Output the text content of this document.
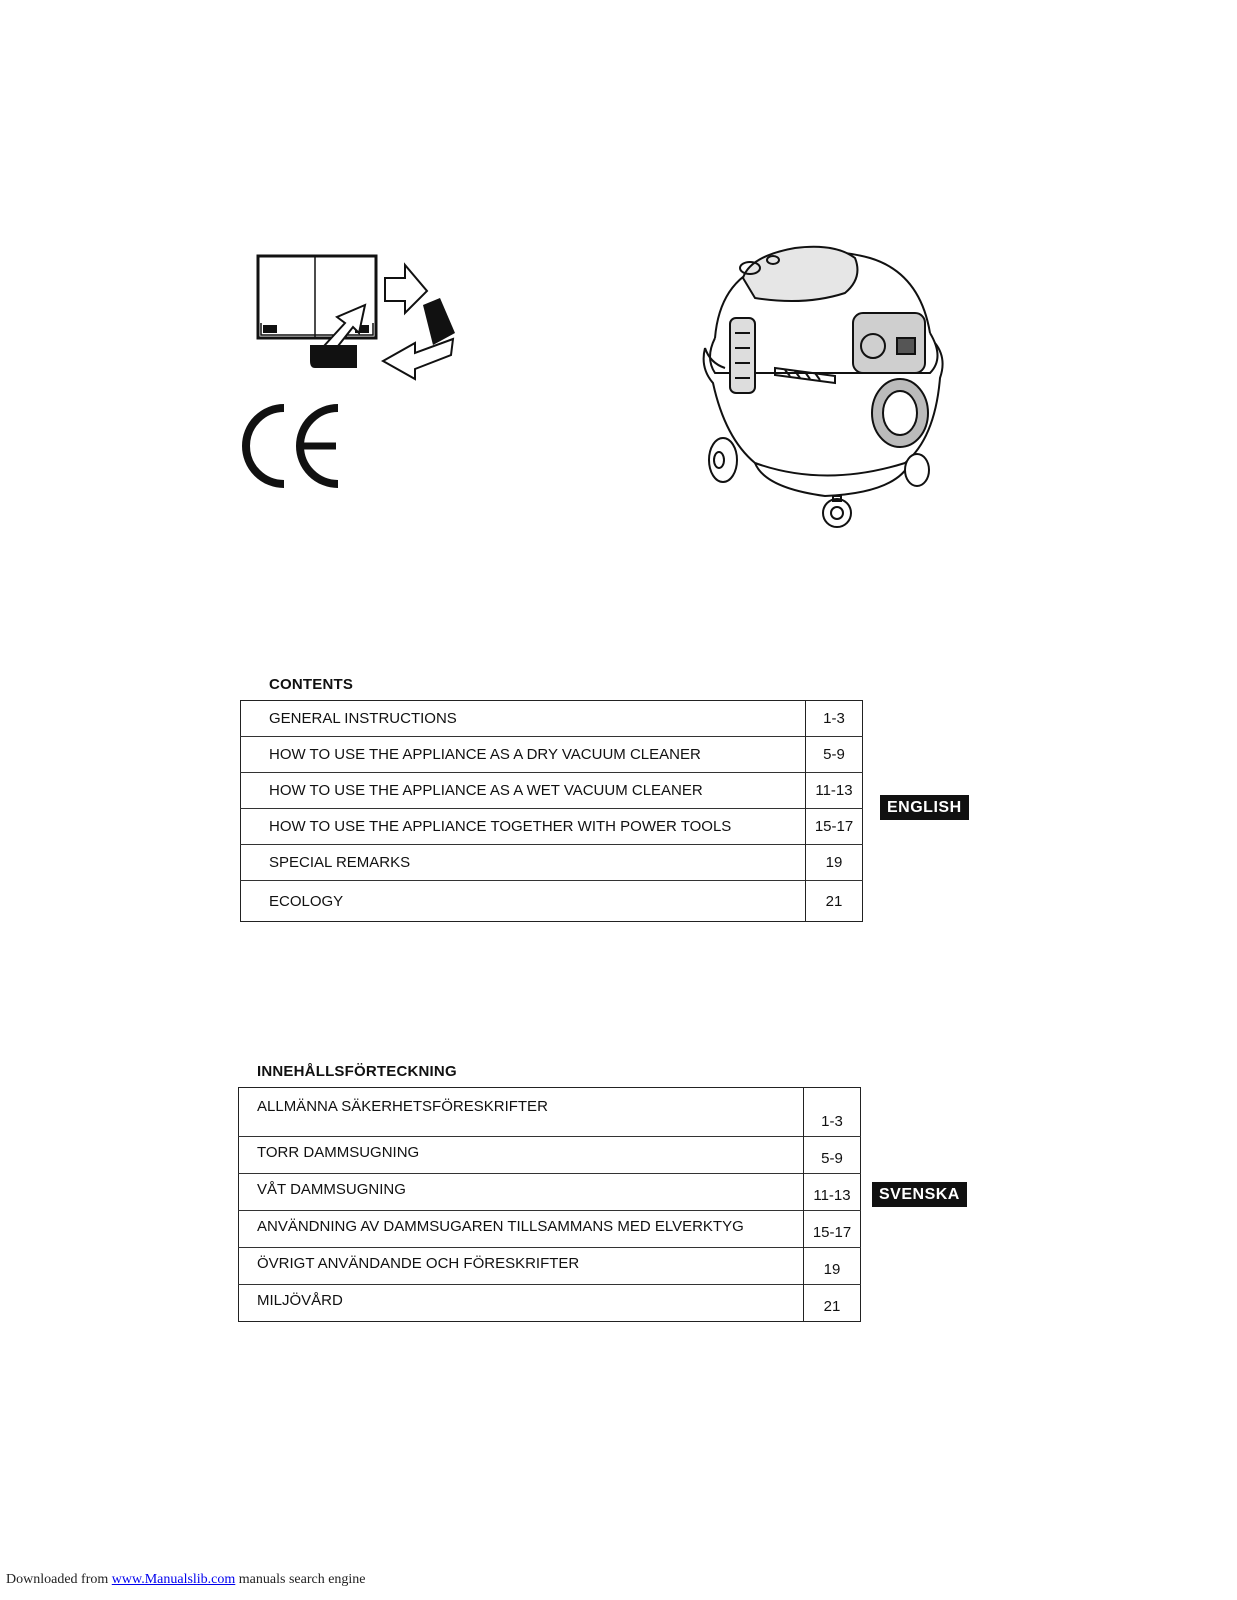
CONTENTS
GENERAL INSTRUCTIONS	1-3
HOW TO USE THE APPLIANCE AS A DRY VACUUM CLEANER	5-9
HOW TO USE THE APPLIANCE AS A WET VACUUM CLEANER	11-13
HOW TO USE THE APPLIANCE TOGETHER WITH POWER TOOLS	15-17
SPECIAL REMARKS	19
ECOLOGY	21
ENGLISH
INNEHÅLLSFÖRTECKNING
ALLMÄNNA SÄKERHETSFÖRESKRIFTER	1-3
TORR DAMMSUGNING	5-9
VÅT DAMMSUGNING	11-13
ANVÄNDNING AV DAMMSUGAREN TILLSAMMANS MED ELVERKTYG	15-17
ÖVRIGT ANVÄNDANDE OCH FÖRESKRIFTER	19
MILJÖVÅRD	21
SVENSKA
Downloaded from www.Manualslib.com manuals search engine
